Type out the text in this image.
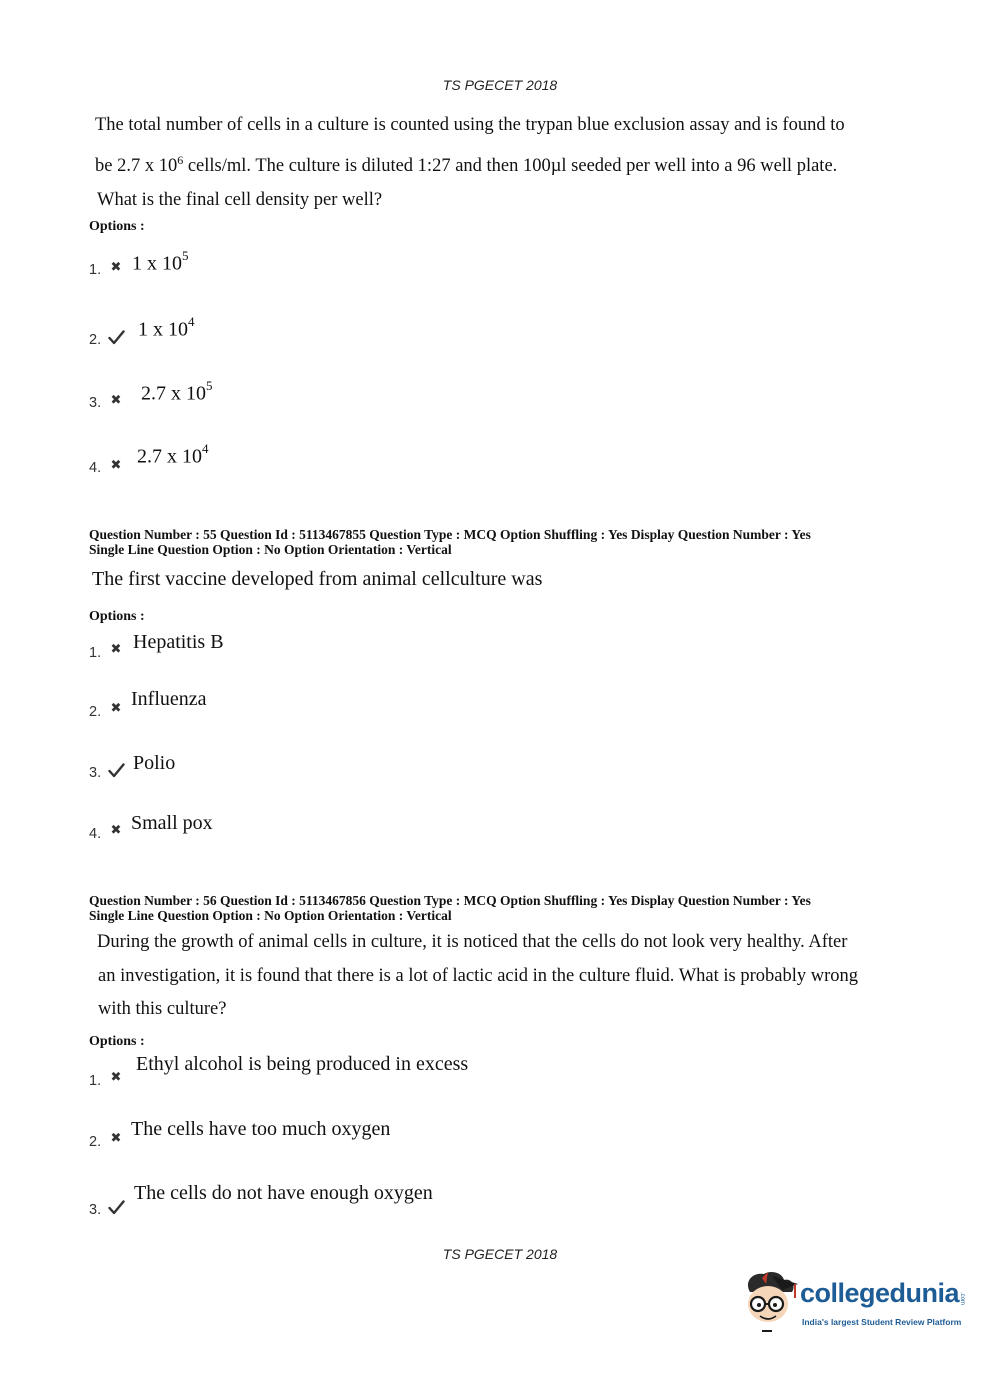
TS PGECET 2018

The total number of cells in a culture is counted using the trypan blue exclusion assay and is found to

be 2.7 x $10^6$ cells/ml. The culture is diluted 1:27 and then 100µl seeded per well into a 96 well plate.

What is the final cell density per well?

Options :
1. ✖ 1 x $10^5$
2. 1 x $10^4$
3. ✖ 2.7 x $10^5$
4. ✖ 2.7 x $10^4$
Question Number : 55 Question Id : 5113467855 Question Type : MCQ Option Shuffling : Yes Display Question Number : Yes
Single Line Question Option : No Option Orientation : Vertical
The first vaccine developed from animal cellculture was
Options :
1. ✖ Hepatitis B
2. ✖ Influenza
3. Polio
4. ✖ Small pox
Question Number : 56 Question Id : 5113467856 Question Type : MCQ Option Shuffling : Yes Display Question Number : Yes
Single Line Question Option : No Option Orientation : Vertical

During the growth of animal cells in culture, it is noticed that the cells do not look very healthy. After

an investigation, it is found that there is a lot of lactic acid in the culture fluid. What is probably wrong

with this culture?

Options :
1. ✖
Ethyl alcohol is being produced in excess
2. ✖ The cells have too much oxygen
3.
The cells do not have enough oxygen
TS PGECET 2018
collegedunia .com
India's largest Student Review Platform
